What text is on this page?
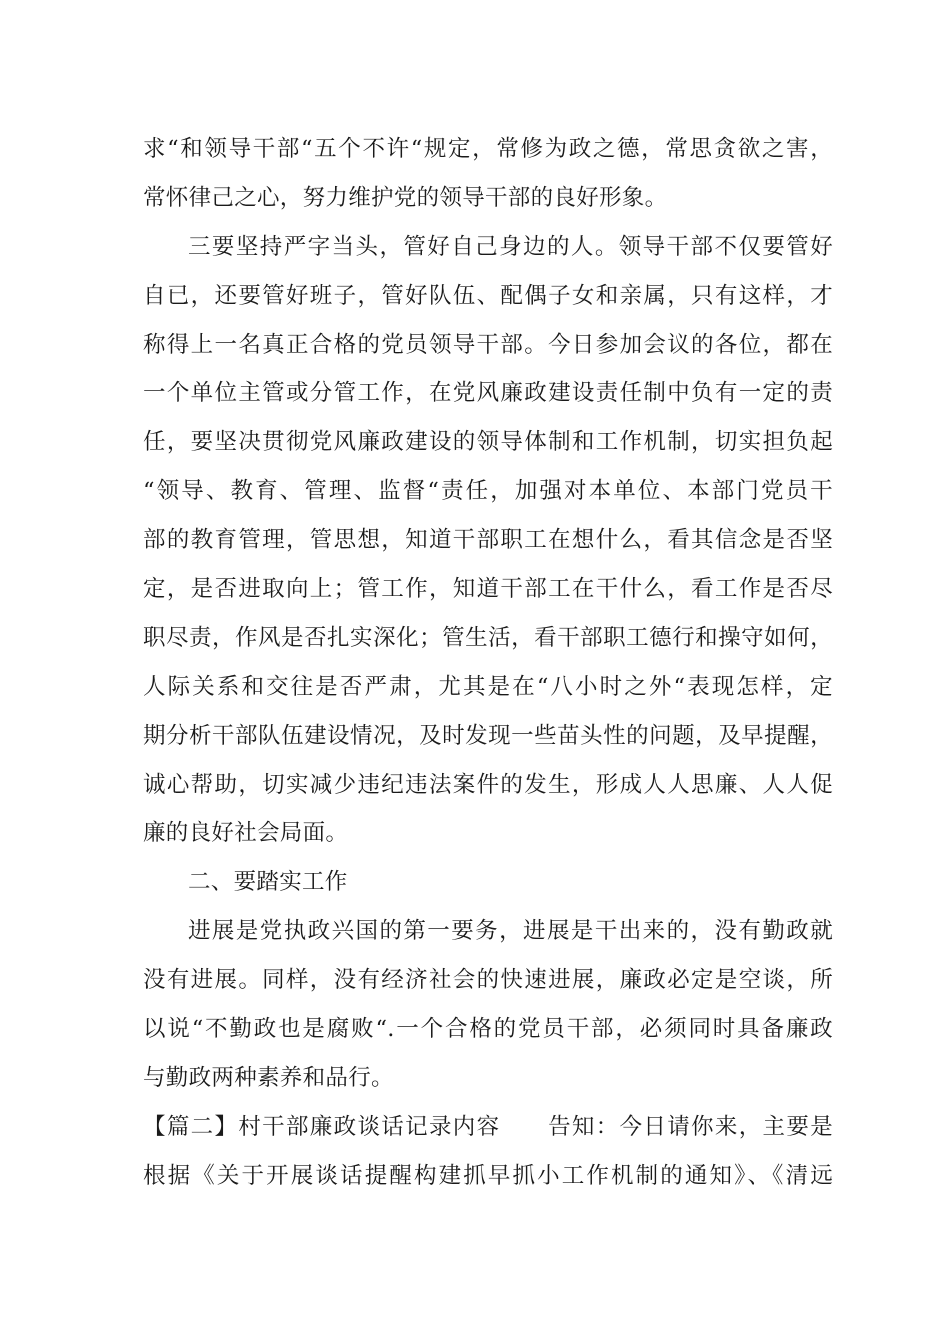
求“和领导干部“五个不许“规定，常修为政之德，常思贪欲之害，
常怀律己之心，努力维护党的领导干部的良好形象。
三要坚持严字当头，管好自己身边的人。领导干部不仅要管好
自已，还要管好班子，管好队伍、配偶子女和亲属，只有这样，才
称得上一名真正合格的党员领导干部。今日参加会议的各位，都在
一个单位主管或分管工作，在党风廉政建设责任制中负有一定的责
任，要坚决贯彻党风廉政建设的领导体制和工作机制，切实担负起
“领导、教育、管理、监督“责任，加强对本单位、本部门党员干
部的教育管理，管思想，知道干部职工在想什么，看其信念是否坚
定，是否进取向上；管工作，知道干部工在干什么，看工作是否尽
职尽责，作风是否扎实深化；管生活，看干部职工德行和操守如何，
人际关系和交往是否严肃，尤其是在“八小时之外“表现怎样，定
期分析干部队伍建设情况，及时发现一些苗头性的问题，及早提醒，
诚心帮助，切实减少违纪违法案件的发生，形成人人思廉、人人促
廉的良好社会局面。
二、要踏实工作
进展是党执政兴国的第一要务，进展是干出来的，没有勤政就
没有进展。同样，没有经济社会的快速进展，廉政必定是空谈，所
以说“不勤政也是腐败“.一个合格的党员干部，必须同时具备廉政
与勤政两种素养和品行。
【篇二】村干部廉政谈话记录内容　　告知：今日请你来，主要是
根据《关于开展谈话提醒构建抓早抓小工作机制的通知》、《清远
